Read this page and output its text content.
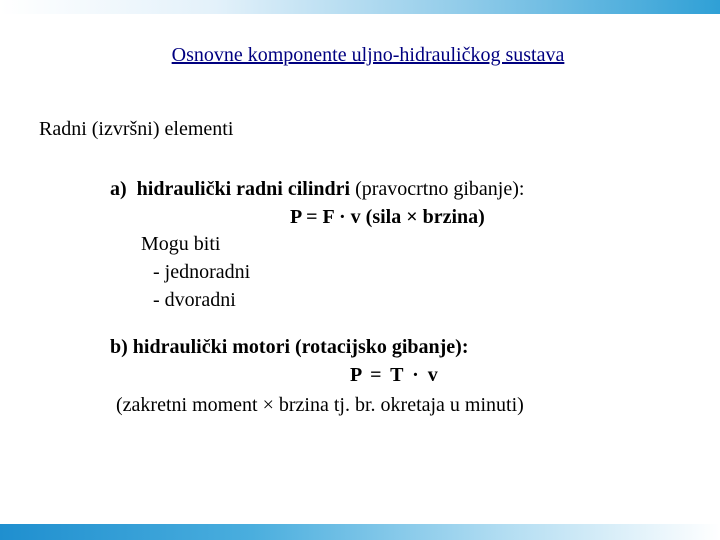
Osnovne komponente uljno-hidrauličkog sustava
Radni (izvršni) elementi
a) hidraulički radni cilindri (pravocrtno gibanje):
P = F · v (sila × brzina)
Mogu biti
- jednoradni
- dvoradni
b) hidraulički motori (rotacijsko gibanje):
P = T · v
(zakretni moment × brzina tj. br. okretaja u minuti)
